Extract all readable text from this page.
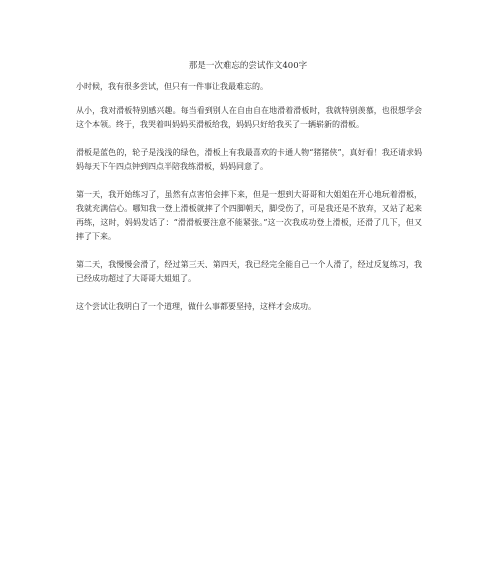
那是一次难忘的尝试作文400字

小时候，我有很多尝试，但只有一件事让我最难忘的。

从小，我对滑板特别感兴趣。每当看到别人在自由自在地滑着滑板时，我就特别羡慕，也很想学会这个本领。终于，我哭着叫妈妈买滑板给我，妈妈只好给我买了一辆崭新的滑板。

滑板是蓝色的，轮子是浅浅的绿色，滑板上有我最喜欢的卡通人物“猪猪侠”，真好看！我还请求妈妈每天下午四点钟到四点半陪我练滑板，妈妈同意了。

第一天，我开始练习了，虽然有点害怕会摔下来，但是一想到大哥哥和大姐姐在开心地玩着滑板，我就充满信心。哪知我一登上滑板就摔了个四脚朝天，脚受伤了，可是我还是不放弃，又站了起来再练，这时，妈妈发话了：“滑滑板要注意不能紧张。”这一次我成功登上滑板，还滑了几下，但又摔了下来。

第二天，我慢慢会滑了，经过第三天、第四天，我已经完全能自己一个人滑了，经过反复练习，我已经成功超过了大哥哥大姐姐了。

这个尝试让我明白了一个道理，做什么事都要坚持，这样才会成功。
